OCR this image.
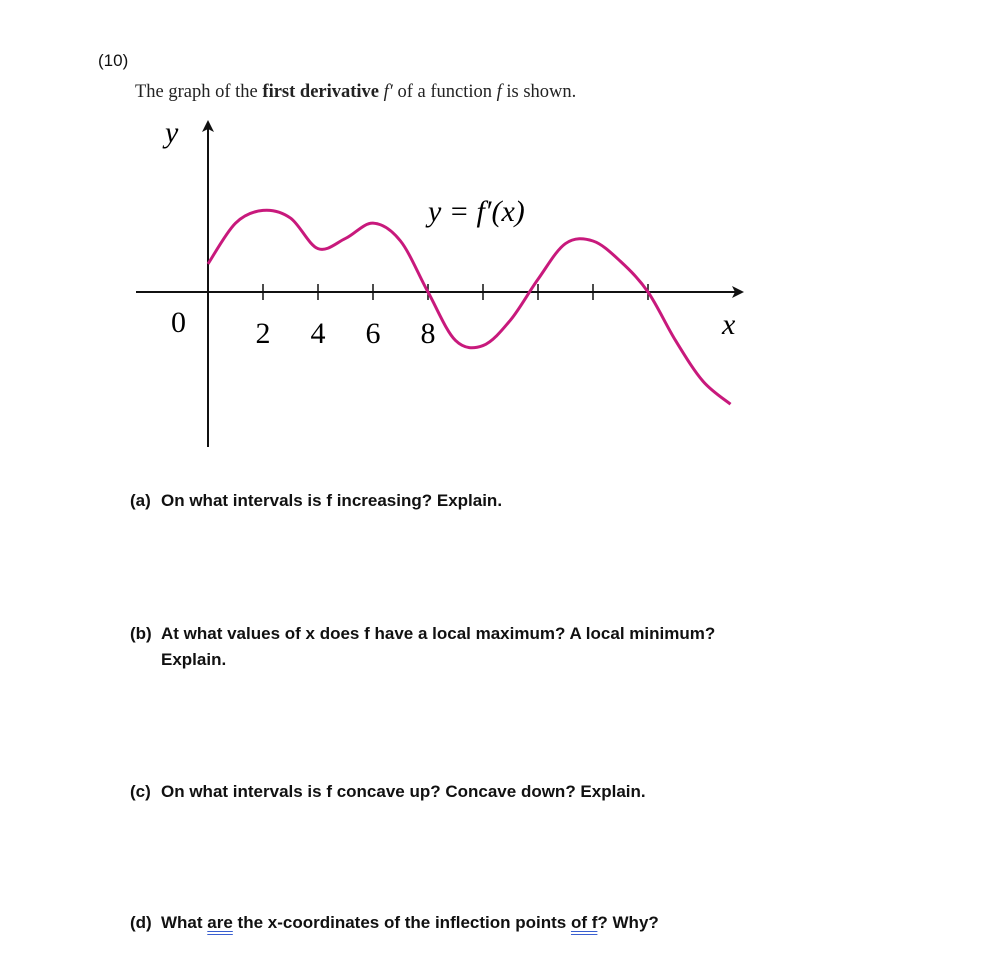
(10)
The graph of the first derivative f′ of a function f is shown.
y
x
0
y = f′(x)
2 4 6 8
(a) On what intervals is f increasing? Explain.
(b) At what values of x does f have a local maximum? A local minimum?
Explain.
(c) On what intervals is f concave up? Concave down? Explain.
(d) What are the x-coordinates of the inflection points of f? Why?
